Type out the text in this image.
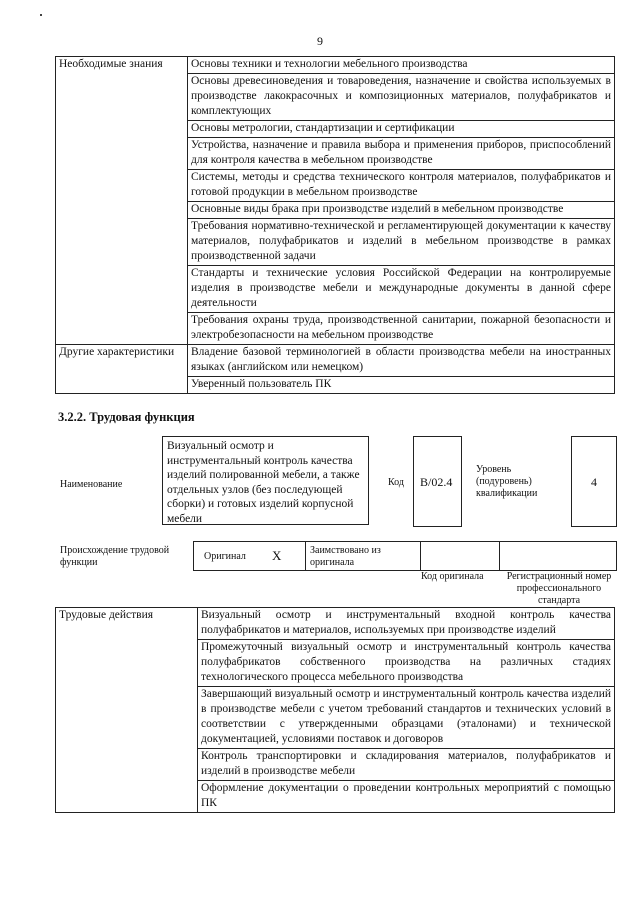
9
Необходимые знания	Основы техники и технологии мебельного производства
	Основы древесиноведения и товароведения, назначение и свойства используемых в производстве лакокрасочных и композиционных материалов, полуфабрикатов и комплектующих
	Основы метрологии, стандартизации и сертификации
	Устройства, назначение и правила выбора и применения приборов, приспособлений для контроля качества в мебельном производстве
	Системы, методы и средства технического контроля материалов, полуфабрикатов и готовой продукции в мебельном производстве
	Основные виды брака при производстве изделий в мебельном производстве
	Требования нормативно-технической и регламентирующей документации к качеству материалов, полуфабрикатов и изделий в мебельном производстве в рамках производственной задачи
	Стандарты и технические условия Российской Федерации на контролируемые изделия в производстве мебели и международные документы в данной сфере деятельности
	Требования охраны труда, производственной санитарии, пожарной безопасности и электробезопасности на мебельном производстве
Другие характеристики	Владение базовой терминологией в области производства мебели на иностранных языках (английском или немецком)
	Уверенный пользователь ПК
3.2.2. Трудовая функция
Наименование
Визуальный осмотр и инструментальный контроль качества изделий полированной мебели, а также отдельных узлов (без последующей сборки) и готовых изделий корпусной мебели
Код B/02.4
Уровень (подуровень) квалификации
4
Происхождение трудовой функции
Оригинал X	Заимствовано из оригинала
Код оригинала	Регистрационный номер профессионального стандарта
Трудовые действия	Визуальный осмотр и инструментальный входной контроль качества полуфабрикатов и материалов, используемых при производстве изделий
Промежуточный визуальный осмотр и инструментальный контроль качества полуфабрикатов собственного производства на различных стадиях технологического процесса мебельного производства
Завершающий визуальный осмотр и инструментальный контроль качества изделий в производстве мебели с учетом требований стандартов и технических условий в соответствии с утвержденными образцами (эталонами) и технической документацией, условиями поставок и договоров
Контроль транспортировки и складирования материалов, полуфабрикатов и изделий в производстве мебели
Оформление документации о проведении контрольных мероприятий с помощью ПК
